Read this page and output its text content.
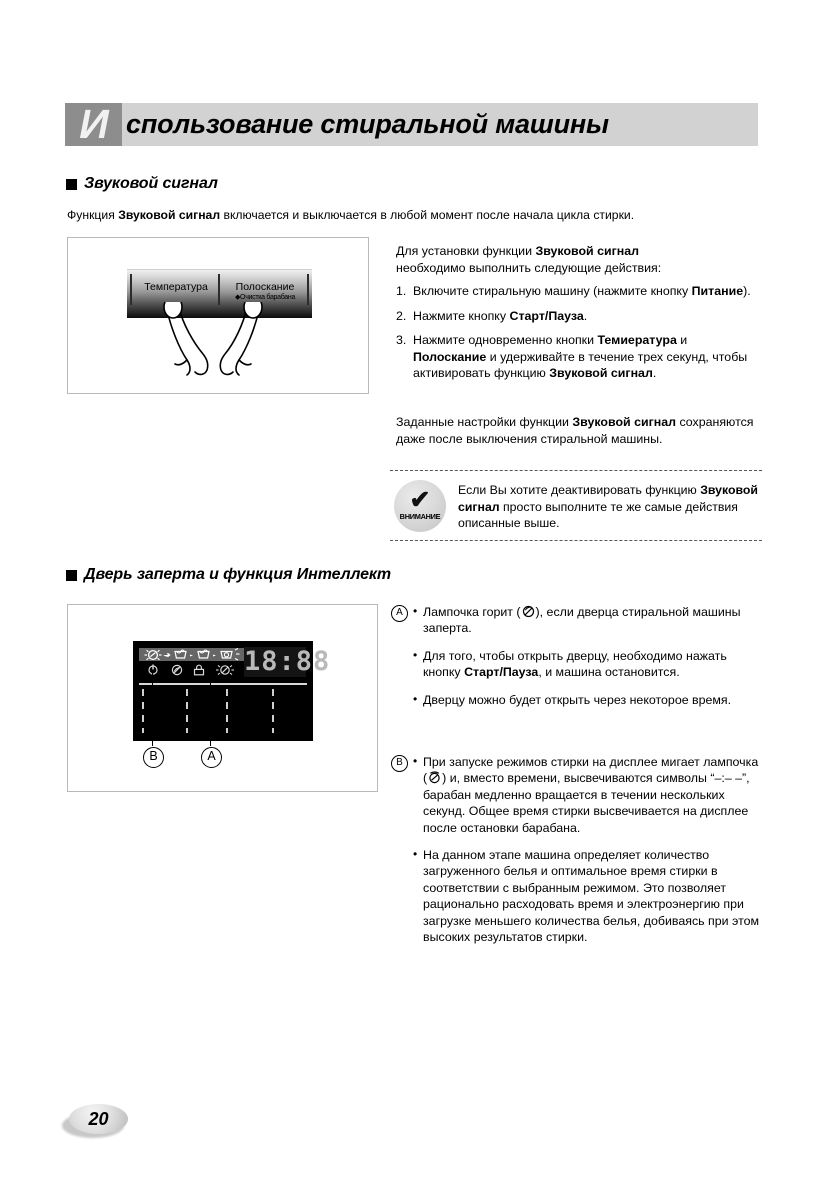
И спользование стиральной машины
Звуковой сигнал
Функция Звуковой сигнал включается и выключается в любой момент после начала цикла стирки.
Температура	Полоскание
◆Очистка барабана
Для установки функции Звуковой сигнал
необходимо выполнить следующие действия:
1. Включите стиральную машину (нажмите кнопку Питание).
2. Нажмите кнопку Старт/Пауза.
3. Нажмите одновременно кнопки Темиература и Полоскание и удерживайте в течение трех секунд, чтобы активировать функцию Звуковой сигнал.
Заданные настройки функции Звуковой сигнал сохраняются даже после выключения стиральной машины.
✔
ВНИМАНИЕ
Если Вы хотите деактивировать функцию Звуковой сигнал просто выполните те же самые действия описанные выше.
Дверь заперта и функция Интеллект
18:88
B	A
A • Лампочка горит ( ), если дверца стиральной машины заперта.
• Для того, чтобы открыть дверцу, необходимо нажать кнопку Старт/Пауза, и машина остановится.
• Дверцу можно будет открыть через некоторое время.
B • При запуске режимов стирки на дисплее мигает лампочка ( ) и, вместо времени, высвечиваются символы “–:– –”, барабан медленно вращается в течении нескольких секунд. Общее время стирки высвечивается на дисплее после остановки барабана.
• На данном этапе машина определяет количество загруженного белья и оптимальное время стирки в соответствии с выбранным режимом. Это позволяет рационально расходовать время и электроэнергию при загрузке меньшего количества белья, добиваясь при этом высоких результатов стирки.
20
